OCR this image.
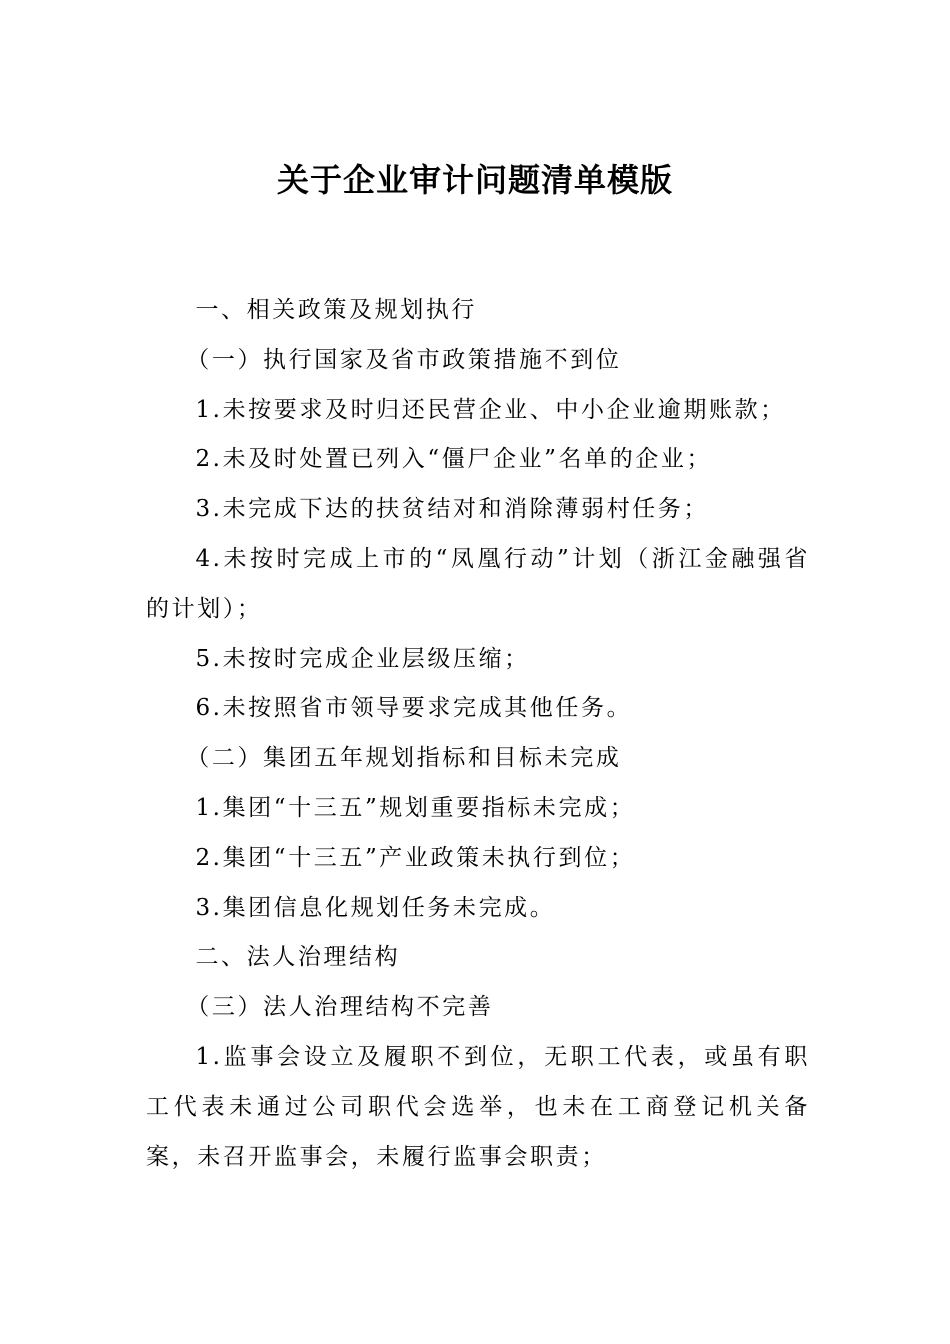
关于企业审计问题清单模版

一、相关政策及规划执行

（一）执行国家及省市政策措施不到位

1.未按要求及时归还民营企业、中小企业逾期账款；

2.未及时处置已列入“僵尸企业”名单的企业；

3.未完成下达的扶贫结对和消除薄弱村任务；

4.未按时完成上市的“凤凰行动”计划（浙江金融强省的计划）；

5.未按时完成企业层级压缩；

6.未按照省市领导要求完成其他任务。

（二）集团五年规划指标和目标未完成

1.集团“十三五”规划重要指标未完成；

2.集团“十三五”产业政策未执行到位；

3.集团信息化规划任务未完成。

二、法人治理结构

（三）法人治理结构不完善

1.监事会设立及履职不到位，无职工代表，或虽有职工代表未通过公司职代会选举，也未在工商登记机关备案，未召开监事会，未履行监事会职责；
